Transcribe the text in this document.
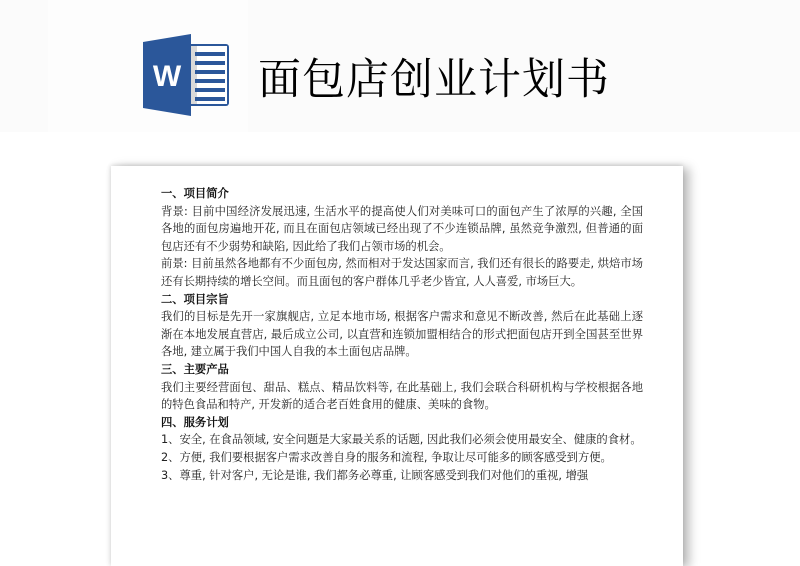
W 面包店创业计划书

一、项目简介

背景: 目前中国经济发展迅速, 生活水平的提高使人们对美味可口的面包产生了浓厚的兴趣, 全国各地的面包房遍地开花, 而且在面包店领域已经出现了不少连锁品牌, 虽然竞争激烈, 但普通的面包店还有不少弱势和缺陷, 因此给了我们占领市场的机会。

前景: 目前虽然各地都有不少面包房, 然而相对于发达国家而言, 我们还有很长的路要走, 烘焙市场还有长期持续的增长空间。而且面包的客户群体几乎老少皆宜, 人人喜爱, 市场巨大。

二、项目宗旨

我们的目标是先开一家旗舰店, 立足本地市场, 根据客户需求和意见不断改善, 然后在此基础上逐渐在本地发展直营店, 最后成立公司, 以直营和连锁加盟相结合的形式把面包店开到全国甚至世界各地, 建立属于我们中国人自我的本土面包店品牌。

三、主要产品

我们主要经营面包、甜品、糕点、精品饮料等, 在此基础上, 我们会联合科研机构与学校根据各地的特色食品和特产, 开发新的适合老百姓食用的健康、美味的食物。

四、服务计划

1、安全, 在食品领域, 安全问题是大家最关系的话题, 因此我们必须会使用最安全、健康的食材。

2、方便, 我们要根据客户需求改善自身的服务和流程, 争取让尽可能多的顾客感受到方便。

3、尊重, 针对客户, 无论是谁, 我们都务必尊重, 让顾客感受到我们对他们的重视, 增强
